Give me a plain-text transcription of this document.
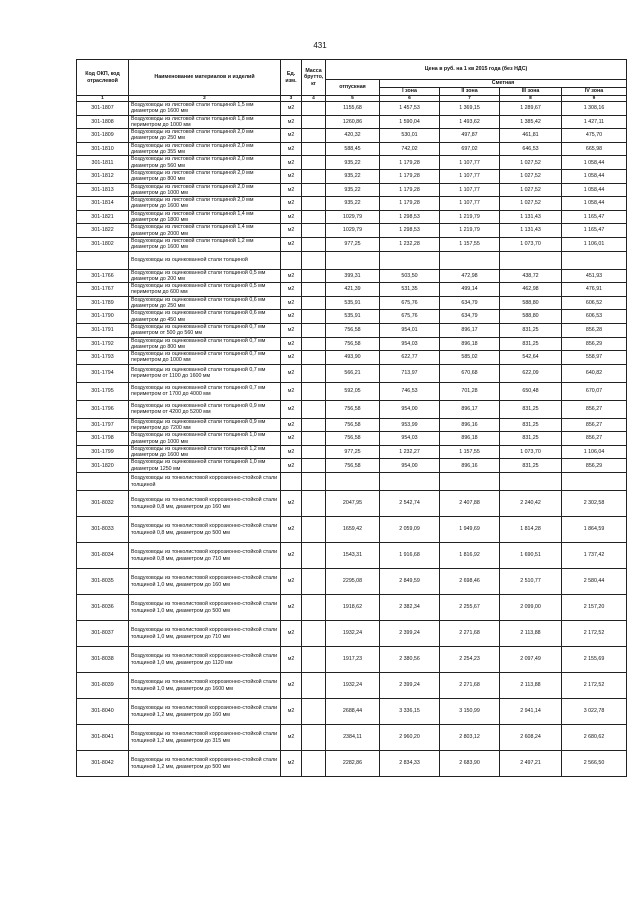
431
Код ОКП, код отраслевой	Наименование материалов и изделий	Ед. изм.	Масса брутто, кг	Цена в руб. на 1 кв 2015 года (без НДС)				
				отпускная	Сметная			
					I зона	II зона	III зона	IV зона
1	2	3	4	5	6	7	8	9
301-1807	Воздуховоды из листовой стали толщиной 1,5 мм диаметром до 1600 мм	м2		1155,68	1 457,53	1 369,15	1 289,67	1 308,16
301-1808	Воздуховоды из листовой стали толщиной 1,8 мм периметром до 1000 мм	м2		1260,86	1 590,04	1 493,62	1 385,42	1 427,11
301-1809	Воздуховоды из листовой стали толщиной 2,0 мм диаметром до 250 мм	м2		420,32	530,01	497,87	461,81	475,70
301-1810	Воздуховоды из листовой стали толщиной 2,0 мм диаметром до 355 мм	м2		588,45	742,02	697,02	646,53	665,98
301-1811	Воздуховоды из листовой стали толщиной 2,0 мм диаметром до 560 мм	м2		935,22	1 179,28	1 107,77	1 027,52	1 058,44
301-1812	Воздуховоды из листовой стали толщиной 2,0 мм диаметром до 800 мм	м2		935,22	1 179,28	1 107,77	1 027,52	1 058,44
301-1813	Воздуховоды из листовой стали толщиной 2,0 мм диаметром до 1000 мм	м2		935,22	1 179,28	1 107,77	1 027,52	1 058,44
301-1814	Воздуховоды из листовой стали толщиной 2,0 мм диаметром до 1600 мм	м2		935,22	1 179,28	1 107,77	1 027,52	1 058,44
301-1821	Воздуховоды из листовой стали толщиной 1,4 мм диаметром до 1800 мм	м2		1029,79	1 298,53	1 219,79	1 131,43	1 165,47
301-1822	Воздуховоды из листовой стали толщиной 1,4 мм диаметром до 2000 мм	м2		1029,79	1 298,53	1 219,79	1 131,43	1 165,47
301-1802	Воздуховоды из листовой стали толщиной 1,2 мм диаметром до 1600 мм	м2		977,25	1 232,28	1 157,55	1 073,70	1 106,01
	Воздуховоды из оцинкованной стали толщиной							
301-1766	Воздуховоды из оцинкованной стали толщиной 0,5 мм диаметром до 200 мм	м2		399,31	503,50	472,98	438,72	451,93
301-1767	Воздуховоды из оцинкованной стали толщиной 0,5 мм периметром до 600 мм	м2		421,39	531,35	499,14	462,98	476,91
301-1789	Воздуховоды из оцинкованной стали толщиной 0,6 мм диаметром до 250 мм	м2		535,91	675,76	634,79	588,80	606,52
301-1790	Воздуховоды из оцинкованной стали толщиной 0,6 мм диаметром до 450 мм	м2		535,91	675,76	634,79	588,80	606,53
301-1791	Воздуховоды из оцинкованной стали толщиной 0,7 мм диаметром от 500 до 560 мм	м2		756,58	954,01	896,17	831,25	856,28
301-1792	Воздуховоды из оцинкованной стали толщиной 0,7 мм диаметром до 800 мм	м2		756,58	954,03	896,18	831,25	856,29
301-1793	Воздуховоды из оцинкованной стали толщиной 0,7 мм периметром до 1000 мм	м2		493,90	622,77	585,02	542,64	558,97
301-1794	Воздуховоды из оцинкованной стали толщиной 0,7 мм периметром от 1100 до 1600 мм	м2		566,21	713,97	670,68	622,09	640,82
301-1795	Воздуховоды из оцинкованной стали толщиной 0,7 мм периметром от 1700 до 4000 мм	м2		592,05	746,53	701,28	650,48	670,07
301-1796	Воздуховоды из оцинкованной стали толщиной 0,9 мм периметром от 4200 до 5200 мм	м2		756,58	954,00	896,17	831,25	856,27
301-1797	Воздуховоды из оцинкованной стали толщиной 0,9 мм периметром до 7200 мм	м2		756,58	953,99	896,16	831,25	856,27
301-1798	Воздуховоды из оцинкованной стали толщиной 1,0 мм диаметром до 1000 мм	м2		756,58	954,03	896,18	831,25	856,27
301-1799	Воздуховоды из оцинкованной стали толщиной 1,2 мм диаметром до 1600 мм	м2		977,25	1 232,27	1 157,55	1 073,70	1 106,04
301-1820	Воздуховоды из оцинкованной стали толщиной 1,0 мм диаметром 1250 мм	м2		756,58	954,00	896,16	831,25	856,29
	Воздуховоды из тонколистовой коррозионно-стойкой стали толщиной							
301-8032	Воздуховоды из тонколистовой коррозионно-стойкой стали толщиной 0,8 мм, диаметром до 160 мм	м2		2047,95	2 542,74	2 407,88	2 240,42	2 302,58
301-8033	Воздуховоды из тонколистовой коррозионно-стойкой стали толщиной 0,8 мм, диаметром до 500 мм	м2		1659,42	2 059,09	1 949,69	1 814,28	1 864,59
301-8034	Воздуховоды из тонколистовой коррозионно-стойкой стали толщиной 0,8 мм, диаметром до 710 мм	м2		1543,31	1 916,68	1 816,92	1 690,51	1 737,42
301-8035	Воздуховоды из тонколистовой коррозионно-стойкой стали толщиной 1,0 мм, диаметром до 160 мм	м2		2295,08	2 849,59	2 698,46	2 510,77	2 580,44
301-8036	Воздуховоды из тонколистовой коррозионно-стойкой стали толщиной 1,0 мм, диаметром до 500 мм	м2		1918,62	2 382,34	2 255,67	2 099,00	2 157,20
301-8037	Воздуховоды из тонколистовой коррозионно-стойкой стали толщиной 1,0 мм, диаметром до 710 мм	м2		1932,24	2 399,24	2 271,68	2 113,88	2 172,52
301-8038	Воздуховоды из тонколистовой коррозионно-стойкой стали толщиной 1,0 мм, диаметром до 1120 мм	м2		1917,23	2 380,56	2 254,23	2 097,49	2 155,69
301-8039	Воздуховоды из тонколистовой коррозионно-стойкой стали толщиной 1,0 мм, диаметром до 1600 мм	м2		1932,24	2 399,24	2 271,68	2 113,88	2 172,52
301-8040	Воздуховоды из тонколистовой коррозионно-стойкой стали толщиной 1,2 мм, диаметром до 160 мм	м2		2688,44	3 336,15	3 150,99	2 941,14	3 022,78
301-8041	Воздуховоды из тонколистовой коррозионно-стойкой стали толщиной 1,2 мм, диаметром до 315 мм	м2		2384,11	2 960,20	2 803,12	2 608,24	2 680,62
301-8042	Воздуховоды из тонколистовой коррозионно-стойкой стали толщиной 1,2 мм, диаметром до 500 мм	м2		2282,86	2 834,33	2 683,90	2 497,21	2 566,50
